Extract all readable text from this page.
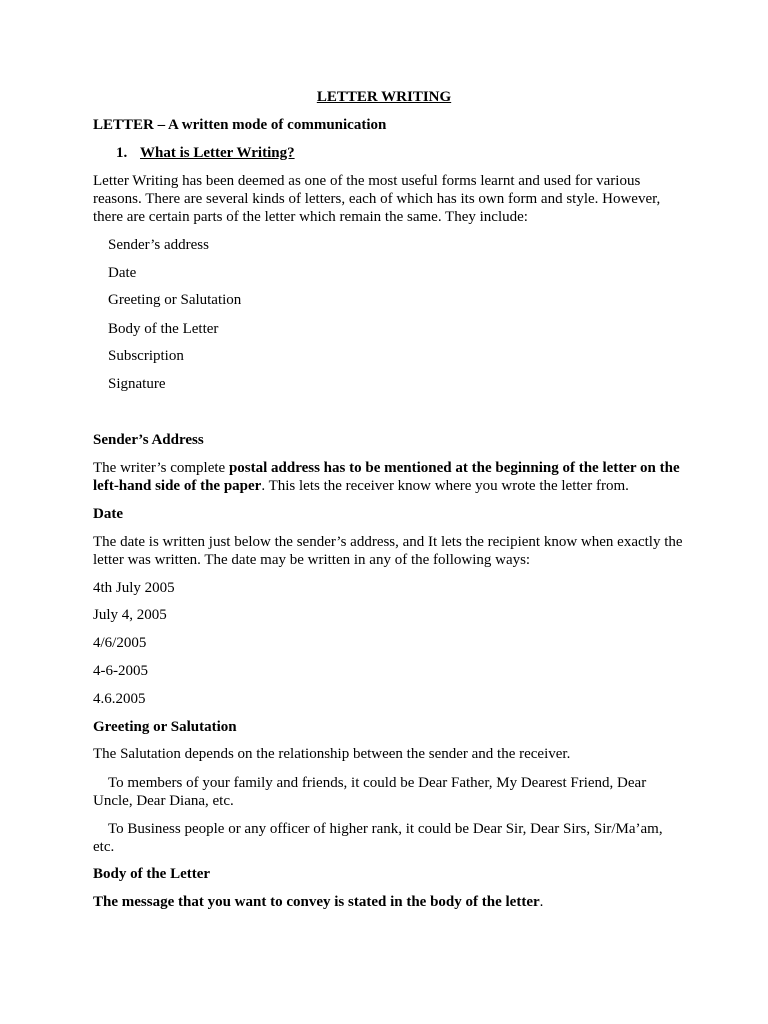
LETTER WRITING

LETTER – A written mode of communication

1. What is Letter Writing?

Letter Writing has been deemed as one of the most useful forms learnt and used for various reasons. There are several kinds of letters, each of which has its own form and style. However, there are certain parts of the letter which remain the same. They include:

Sender’s address

Date

Greeting or Salutation

Body of the Letter

Subscription

Signature

Sender’s Address

The writer’s complete postal address has to be mentioned at the beginning of the letter on the left-hand side of the paper. This lets the receiver know where you wrote the letter from.

Date

The date is written just below the sender’s address, and It lets the recipient know when exactly the letter was written. The date may be written in any of the following ways:

4th July 2005

July 4, 2005

4/6/2005

4-6-2005

4.6.2005

Greeting or Salutation

The Salutation depends on the relationship between the sender and the receiver.

To members of your family and friends, it could be Dear Father, My Dearest Friend, Dear Uncle, Dear Diana, etc.

To Business people or any officer of higher rank, it could be Dear Sir, Dear Sirs, Sir/Ma’am, etc.

Body of the Letter

The message that you want to convey is stated in the body of the letter.
